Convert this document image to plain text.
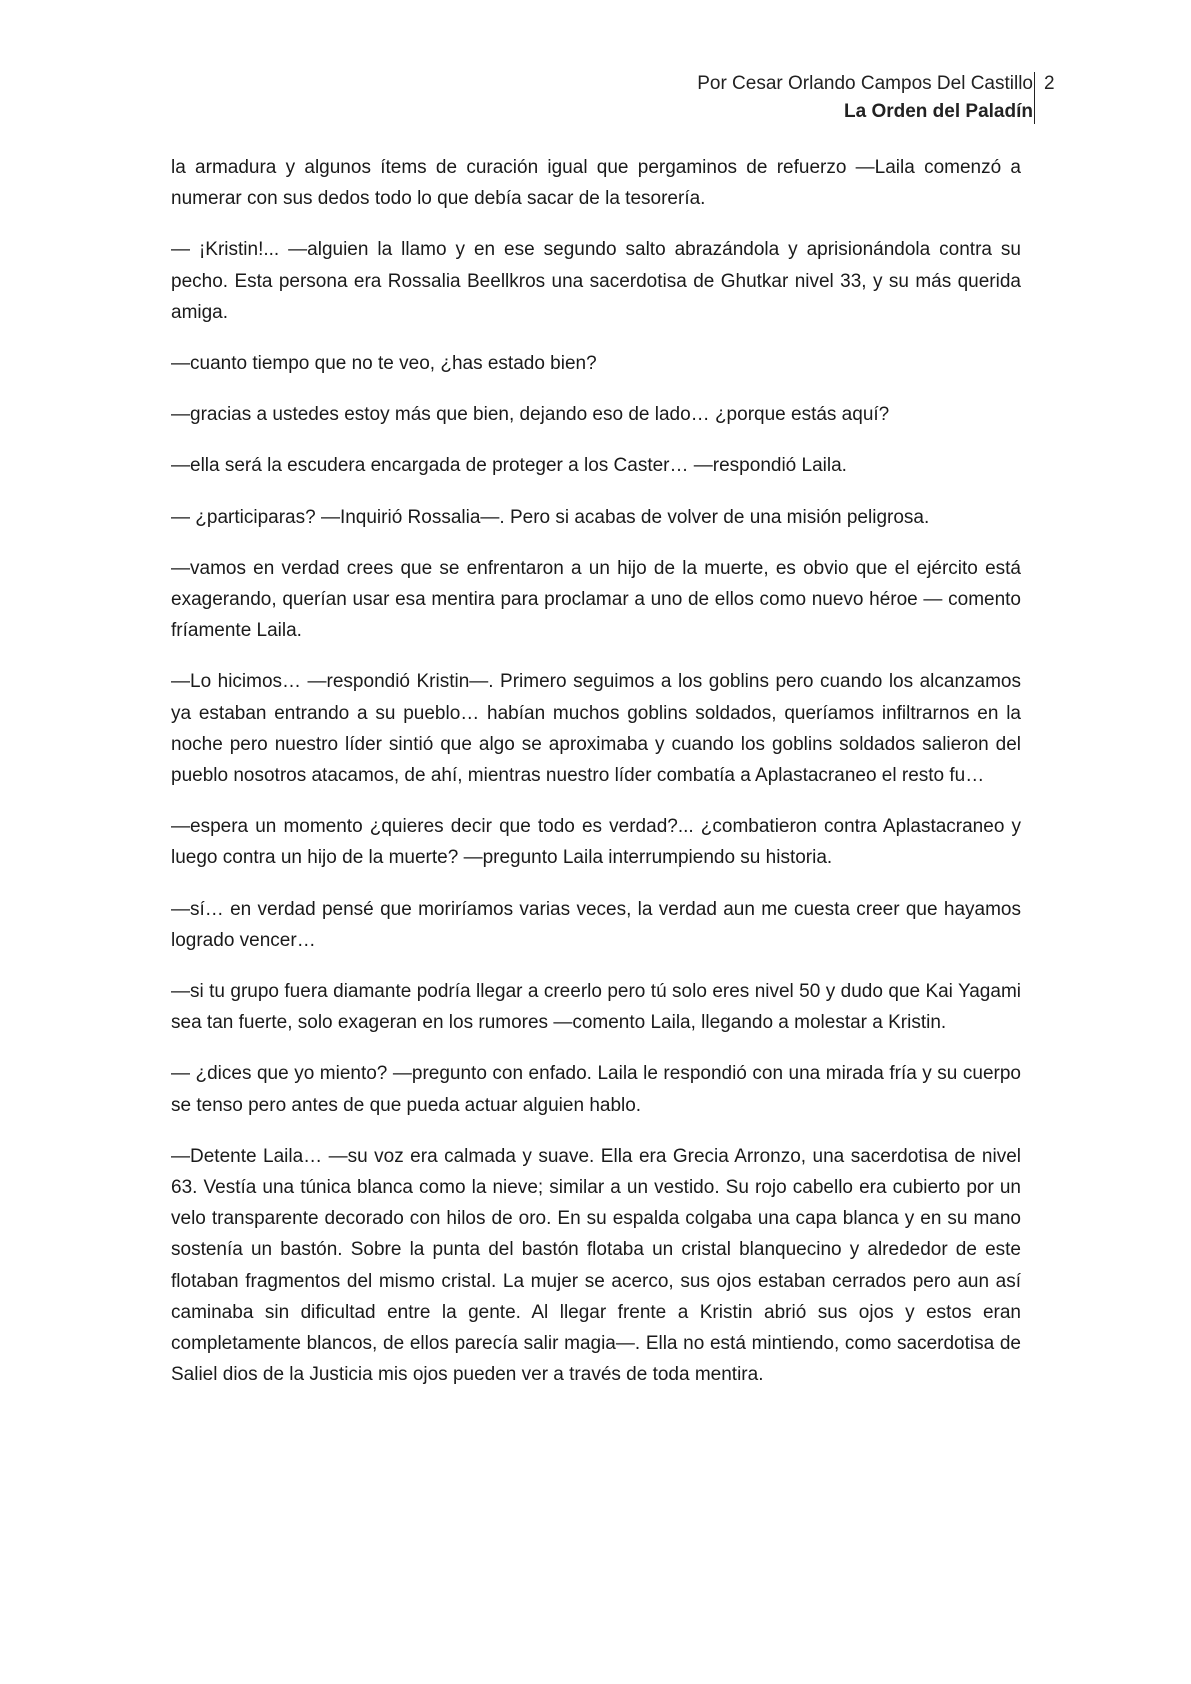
Por Cesar Orlando Campos Del Castillo
La Orden del Paladín
2

la armadura y algunos ítems de curación igual que pergaminos de refuerzo —Laila comenzó a numerar con sus dedos todo lo que debía sacar de la tesorería.

— ¡Kristin!... —alguien la llamo y en ese segundo salto abrazándola y aprisionándola contra su pecho. Esta persona era Rossalia Beellkros una sacerdotisa de Ghutkar nivel 33, y su más querida amiga.

—cuanto tiempo que no te veo, ¿has estado bien?

—gracias a ustedes estoy más que bien, dejando eso de lado… ¿porque estás aquí?

—ella será la escudera encargada de proteger a los Caster… —respondió Laila.

— ¿participaras? —Inquirió Rossalia—. Pero si acabas de volver de una misión peligrosa.

—vamos en verdad crees que se enfrentaron a un hijo de la muerte, es obvio que el ejército está exagerando, querían usar esa mentira para proclamar a uno de ellos como nuevo héroe — comento fríamente Laila.

—Lo hicimos… —respondió Kristin—. Primero seguimos a los goblins pero cuando los alcanzamos ya estaban entrando a su pueblo… habían muchos goblins soldados, queríamos infiltrarnos en la noche pero nuestro líder sintió que algo se aproximaba y cuando los goblins soldados salieron del pueblo nosotros atacamos, de ahí, mientras nuestro líder combatía a Aplastacraneo el resto fu…

—espera un momento ¿quieres decir que todo es verdad?... ¿combatieron contra Aplastacraneo y luego contra un hijo de la muerte? —pregunto Laila interrumpiendo su historia.

—sí… en verdad pensé que moriríamos varias veces, la verdad aun me cuesta creer que hayamos logrado vencer…

—si tu grupo fuera diamante podría llegar a creerlo pero tú solo eres nivel 50 y dudo que Kai Yagami sea tan fuerte, solo exageran en los rumores —comento Laila, llegando a molestar a Kristin.

— ¿dices que yo miento? —pregunto con enfado. Laila le respondió con una mirada fría y su cuerpo se tenso pero antes de que pueda actuar alguien hablo.

—Detente Laila… —su voz era calmada y suave. Ella era Grecia Arronzo, una sacerdotisa de nivel 63. Vestía una túnica blanca como la nieve; similar a un vestido. Su rojo cabello era cubierto por un velo transparente decorado con hilos de oro. En su espalda colgaba una capa blanca y en su mano sostenía un bastón. Sobre la punta del bastón flotaba un cristal blanquecino y alrededor de este flotaban fragmentos del mismo cristal. La mujer se acerco, sus ojos estaban cerrados pero aun así caminaba sin dificultad entre la gente. Al llegar frente a Kristin abrió sus ojos y estos eran completamente blancos, de ellos parecía salir magia—. Ella no está mintiendo, como sacerdotisa de Saliel dios de la Justicia mis ojos pueden ver a través de toda mentira.
